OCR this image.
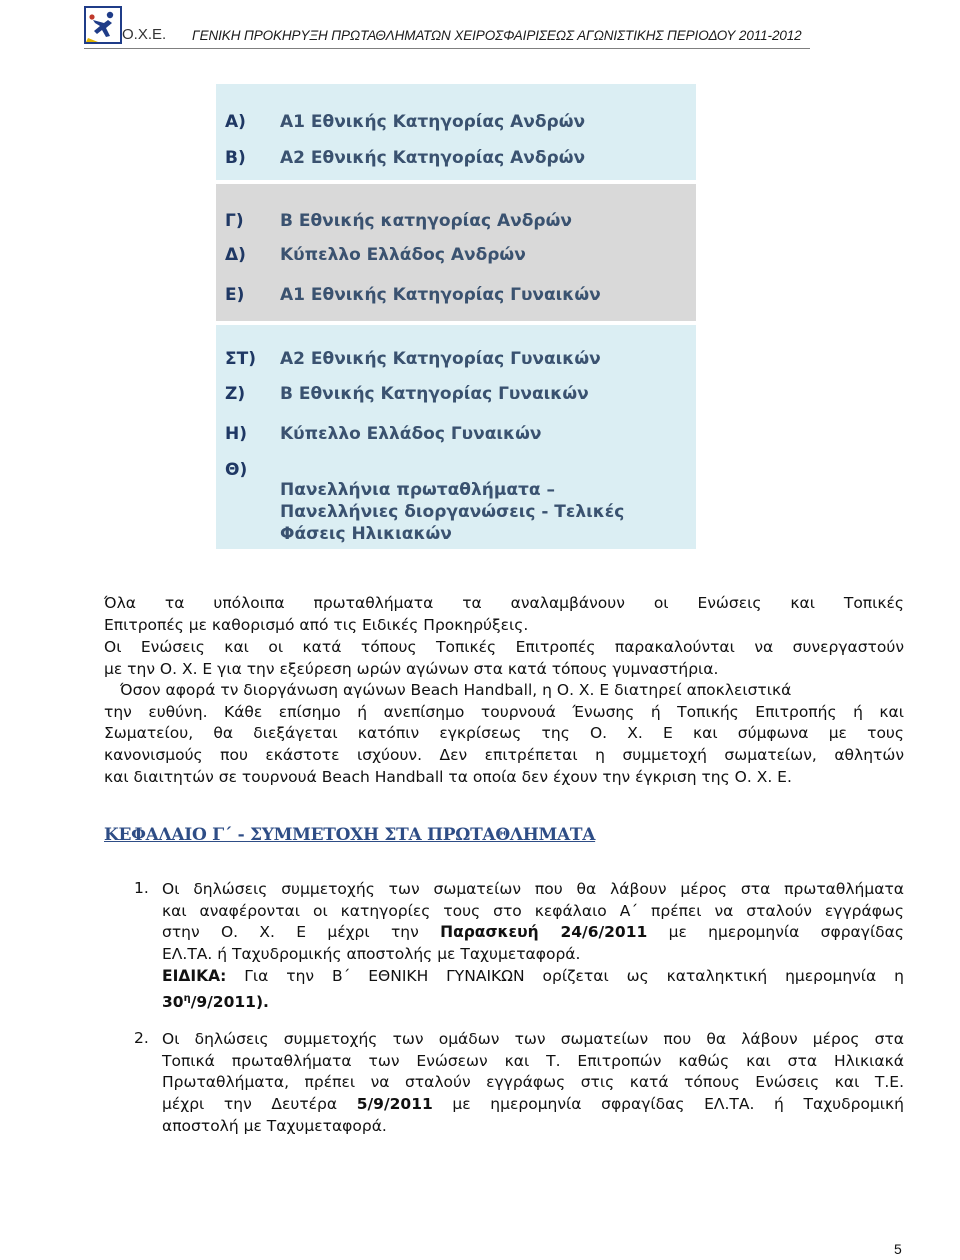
Ο.Χ.Ε. ΓΕΝΙΚΗ ΠΡΟΚΗΡΥΞΗ ΠΡΩΤΑΘΛΗΜΑΤΩΝ ΧΕΙΡΟΣΦΑΙΡΙΣΕΩΣ ΑΓΩΝΙΣΤΙΚΗΣ ΠΕΡΙΟΔΟΥ 2011-2012
Α) Α1 Εθνικής Κατηγορίας Ανδρών
Β) Α2 Εθνικής Κατηγορίας Ανδρών
Γ) Β Εθνικής κατηγορίας Ανδρών
Δ) Κύπελλο Ελλάδος Ανδρών
Ε) Α1 Εθνικής Κατηγορίας Γυναικών
ΣΤ) Α2 Εθνικής Κατηγορίας Γυναικών
Ζ) Β Εθνικής Κατηγορίας Γυναικών
Η) Κύπελλο Ελλάδος Γυναικών
Θ)
Πανελλήνια πρωταθλήματα –
Πανελλήνιες διοργανώσεις - Τελικές
Φάσεις Ηλικιακών
Όλα τα υπόλοιπα πρωταθλήματα τα αναλαμβάνουν οι Ενώσεις και Τοπικές
Επιτροπές με καθορισμό από τις Ειδικές Προκηρύξεις.
Οι Ενώσεις και οι κατά τόπους Τοπικές Επιτροπές παρακαλούνται να συνεργαστούν
με την Ο. Χ. Ε για την εξεύρεση ωρών αγώνων στα κατά τόπους γυμναστήρια.
Όσον αφορά τν διοργάνωση αγώνων Beach Handball, η Ο. Χ. Ε διατηρεί αποκλειστικά
την ευθύνη. Κάθε επίσημο ή ανεπίσημο τουρνουά Ένωσης ή Τοπικής Επιτροπής ή και
Σωματείου, θα διεξάγεται κατόπιν εγκρίσεως της Ο. Χ. Ε και σύμφωνα με τους
κανονισμούς που εκάστοτε ισχύουν. Δεν επιτρέπεται η συμμετοχή σωματείων, αθλητών
και διαιτητών σε τουρνουά Beach Handball τα οποία δεν έχουν την έγκριση της Ο. Χ. Ε.
ΚΕΦΑΛΑΙΟ Γ΄ - ΣΥΜΜΕΤΟΧΗ ΣΤΑ ΠΡΩΤΑΘΛΗΜΑΤΑ
1. Οι δηλώσεις συμμετοχής των σωματείων που θα λάβουν μέρος στα πρωταθλήματα
και αναφέρονται οι κατηγορίες τους στο κεφάλαιο Α΄ πρέπει να σταλούν εγγράφως
στην Ο. Χ. Ε μέχρι την Παρασκευή 24/6/2011 με ημερομηνία σφραγίδας
ΕΛ.ΤΑ. ή Ταχυδρομικής αποστολής με Ταχυμεταφορά.
ΕΙΔΙΚΑ: Για την Β΄ ΕΘΝΙΚΗ ΓΥΝΑΙΚΩΝ ορίζεται ως καταληκτική ημερομηνία η
$30^\eta/9/2011$).
2. Οι δηλώσεις συμμετοχής των ομάδων των σωματείων που θα λάβουν μέρος στα
Τοπικά πρωταθλήματα των Ενώσεων και Τ. Επιτροπών καθώς και στα Ηλικιακά
Πρωταθλήματα, πρέπει να σταλούν εγγράφως στις κατά τόπους Ενώσεις και Τ.Ε.
μέχρι την Δευτέρα 5/9/2011 με ημερομηνία σφραγίδας ΕΛ.ΤΑ. ή Ταχυδρομική
αποστολή με Ταχυμεταφορά.
5
